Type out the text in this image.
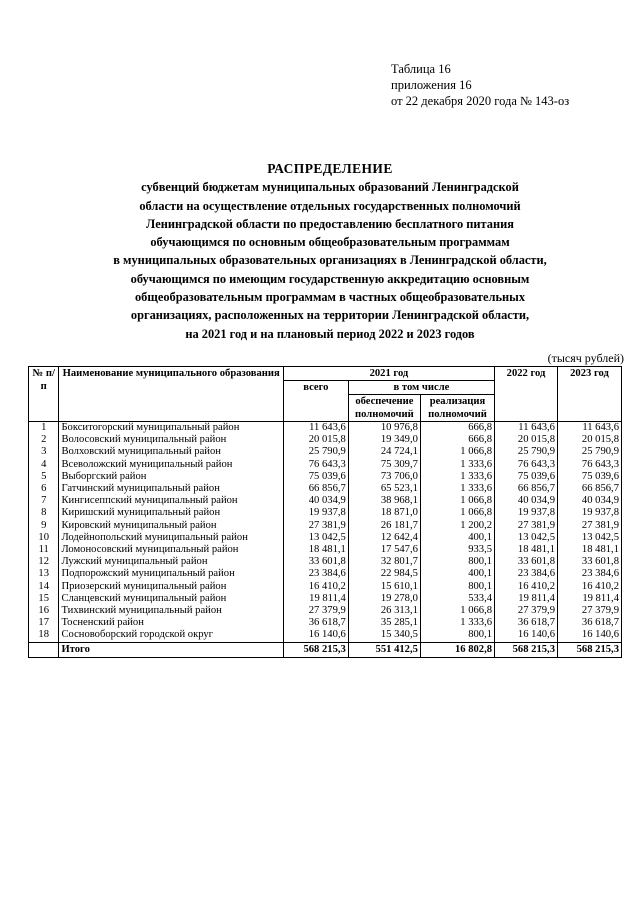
Таблица 16
приложения 16
от 22 декабря 2020 года № 143-оз
РАСПРЕДЕЛЕНИЕ
субвенций бюджетам муниципальных образований Ленинградской
области на осуществление отдельных государственных полномочий
Ленинградской области по предоставлению бесплатного питания
обучающимся по основным общеобразовательным программам
в муниципальных образовательных организациях в Ленинградской области,
обучающимся по имеющим государственную аккредитацию основным
общеобразовательным программам в частных общеобразовательных
организациях, расположенных на территории Ленинградской области,
на 2021 год и на плановый период 2022 и 2023 годов
(тысяч рублей)
№ п/п	Наименование муниципального образования	2021 год			2022 год	2023 год
		всего	в том числе			
			обеспечение полномочий	реализация полномочий		
1	Бокситогорский муниципальный район	11 643,6	10 976,8	666,8	11 643,6	11 643,6
2	Волосовский муниципальный район	20 015,8	19 349,0	666,8	20 015,8	20 015,8
3	Волховский муниципальный район	25 790,9	24 724,1	1 066,8	25 790,9	25 790,9
4	Всеволожский муниципальный район	76 643,3	75 309,7	1 333,6	76 643,3	76 643,3
5	Выборгский район	75 039,6	73 706,0	1 333,6	75 039,6	75 039,6
6	Гатчинский муниципальный район	66 856,7	65 523,1	1 333,6	66 856,7	66 856,7
7	Кингисеппский муниципальный район	40 034,9	38 968,1	1 066,8	40 034,9	40 034,9
8	Киришский муниципальный район	19 937,8	18 871,0	1 066,8	19 937,8	19 937,8
9	Кировский муниципальный район	27 381,9	26 181,7	1 200,2	27 381,9	27 381,9
10	Лодейнопольский муниципальный район	13 042,5	12 642,4	400,1	13 042,5	13 042,5
11	Ломоносовский муниципальный район	18 481,1	17 547,6	933,5	18 481,1	18 481,1
12	Лужский муниципальный район	33 601,8	32 801,7	800,1	33 601,8	33 601,8
13	Подпорожский муниципальный район	23 384,6	22 984,5	400,1	23 384,6	23 384,6
14	Приозерский муниципальный район	16 410,2	15 610,1	800,1	16 410,2	16 410,2
15	Сланцевский муниципальный район	19 811,4	19 278,0	533,4	19 811,4	19 811,4
16	Тихвинский муниципальный район	27 379,9	26 313,1	1 066,8	27 379,9	27 379,9
17	Тосненский район	36 618,7	35 285,1	1 333,6	36 618,7	36 618,7
18	Сосновоборский городской округ	16 140,6	15 340,5	800,1	16 140,6	16 140,6
	Итого	568 215,3	551 412,5	16 802,8	568 215,3	568 215,3
